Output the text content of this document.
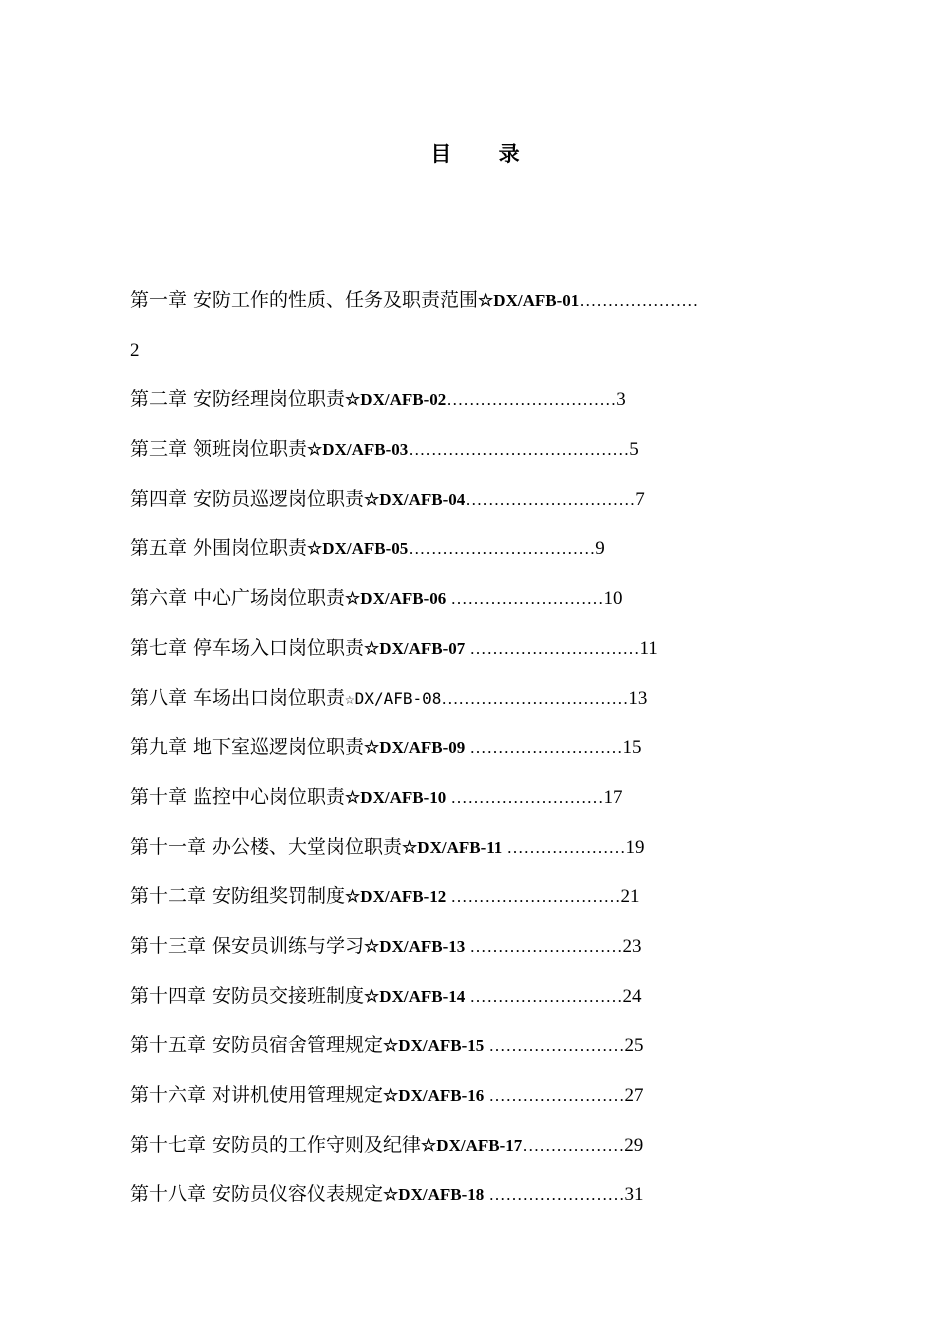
目 录
第一章 安防工作的性质、任务及职责范围☆DX/AFB-01…………………
2
第二章 安防经理岗位职责☆DX/AFB-02…………………………3
第三章 领班岗位职责☆DX/AFB-03…………………………………5
第四章 安防员巡逻岗位职责☆DX/AFB-04…………………………7
第五章 外围岗位职责☆DX/AFB-05……………………………9
第六章 中心广场岗位职责☆DX/AFB-06 ………………………10
第七章 停车场入口岗位职责☆DX/AFB-07 …………………………11
第八章 车场出口岗位职责☆DX/AFB-08……………………………13
第九章 地下室巡逻岗位职责☆DX/AFB-09 ………………………15
第十章 监控中心岗位职责☆DX/AFB-10 ………………………17
第十一章 办公楼、大堂岗位职责☆DX/AFB-11 …………………19
第十二章 安防组奖罚制度☆DX/AFB-12 …………………………21
第十三章 保安员训练与学习☆DX/AFB-13 ………………………23
第十四章 安防员交接班制度☆DX/AFB-14 ………………………24
第十五章 安防员宿舍管理规定☆DX/AFB-15 ……………………25
第十六章 对讲机使用管理规定☆DX/AFB-16 ……………………27
第十七章 安防员的工作守则及纪律☆DX/AFB-17………………29
第十八章 安防员仪容仪表规定☆DX/AFB-18 ……………………31
